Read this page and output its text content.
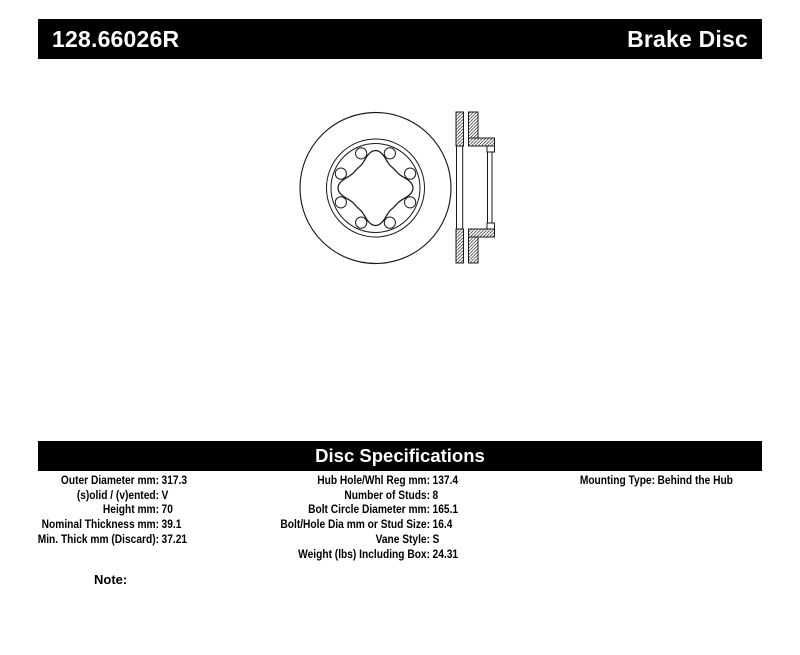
128.66026R	Brake Disc
Disc Specifications
Outer Diameter mm: 317.3
(s)olid / (v)ented: V
Height mm: 70
Nominal Thickness mm: 39.1
Min. Thick mm (Discard): 37.21
Hub Hole/Whl Reg mm: 137.4
Number of Studs: 8
Bolt Circle Diameter mm: 165.1
Bolt/Hole Dia mm or Stud Size: 16.4
Vane Style: S
Weight (lbs) Including Box: 24.31
Mounting Type: Behind the Hub
Note:
